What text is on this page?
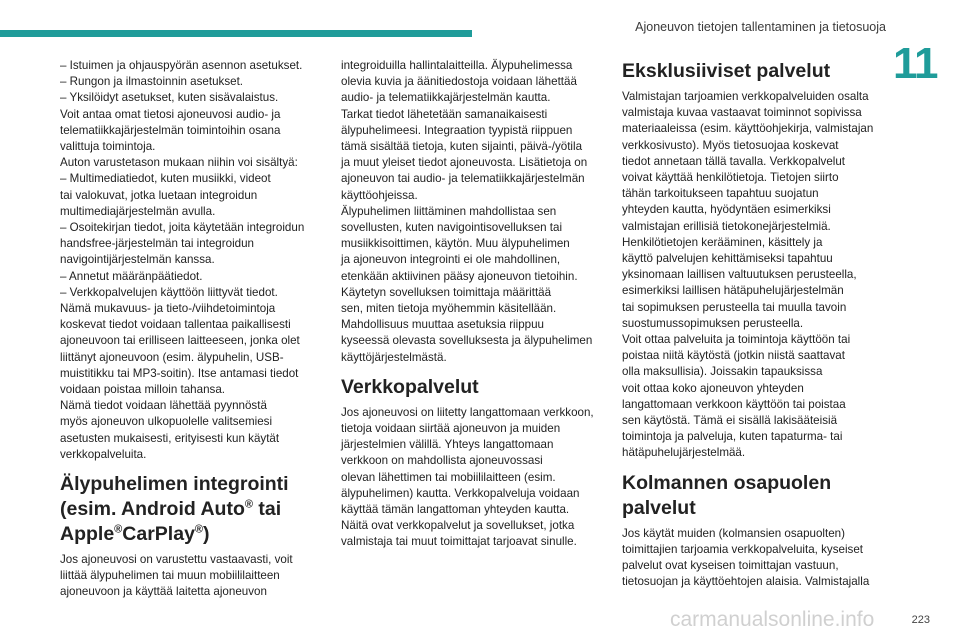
Ajoneuvon tietojen tallentaminen ja tietosuoja
11

– Istuimen ja ohjauspyörän asennon asetukset.

– Rungon ja ilmastoinnin asetukset.

– Yksilöidyt asetukset, kuten sisävalaistus.

Voit antaa omat tietosi ajoneuvosi audio- ja

telematiikkajärjestelmän toimintoihin osana

valittuja toimintoja.

Auton varustetason mukaan niihin voi sisältyä:

– Multimediatiedot, kuten musiikki, videot

tai valokuvat, jotka luetaan integroidun

multimediajärjestelmän avulla.

– Osoitekirjan tiedot, joita käytetään integroidun

handsfree-järjestelmän tai integroidun

navigointijärjestelmän kanssa.

– Annetut määränpäätiedot.

– Verkkopalvelujen käyttöön liittyvät tiedot.

Nämä mukavuus- ja tieto-/viihdetoimintoja

koskevat tiedot voidaan tallentaa paikallisesti

ajoneuvoon tai erilliseen laitteeseen, jonka olet

liittänyt ajoneuvoon (esim. älypuhelin, USB-

muistitikku tai MP3-soitin). Itse antamasi tiedot

voidaan poistaa milloin tahansa.

Nämä tiedot voidaan lähettää pyynnöstä

myös ajoneuvon ulkopuolelle valitsemiesi

asetusten mukaisesti, erityisesti kun käytät

verkkopalveluita.

Älypuhelimen integrointi
(esim. Android Auto® tai
Apple®CarPlay®)

Jos ajoneuvosi on varustettu vastaavasti, voit

liittää älypuhelimen tai muun mobiililaitteen

ajoneuvoon ja käyttää laitetta ajoneuvon

integroiduilla hallintalaitteilla. Älypuhelimessa

olevia kuvia ja äänitiedostoja voidaan lähettää

audio- ja telematiikkajärjestelmän kautta.

Tarkat tiedot lähetetään samanaikaisesti

älypuhelimeesi. Integraation tyypistä riippuen

tämä sisältää tietoja, kuten sijainti, päivä-/yötila

ja muut yleiset tiedot ajoneuvosta. Lisätietoja on

ajoneuvon tai audio- ja telematiikkajärjestelmän

käyttöohjeissa.

Älypuhelimen liittäminen mahdollistaa sen

sovellusten, kuten navigointisovelluksen tai

musiikkisoittimen, käytön. Muu älypuhelimen

ja ajoneuvon integrointi ei ole mahdollinen,

etenkään aktiivinen pääsy ajoneuvon tietoihin.

Käytetyn sovelluksen toimittaja määrittää

sen, miten tietoja myöhemmin käsitellään.

Mahdollisuus muuttaa asetuksia riippuu

kyseessä olevasta sovelluksesta ja älypuhelimen

käyttöjärjestelmästä.

Verkkopalvelut

Jos ajoneuvosi on liitetty langattomaan verkkoon,

tietoja voidaan siirtää ajoneuvon ja muiden

järjestelmien välillä. Yhteys langattomaan

verkkoon on mahdollista ajoneuvossasi

olevan lähettimen tai mobiililaitteen (esim.

älypuhelimen) kautta. Verkkopalveluja voidaan

käyttää tämän langattoman yhteyden kautta.

Näitä ovat verkkopalvelut ja sovellukset, jotka

valmistaja tai muut toimittajat tarjoavat sinulle.

Eksklusiiviset palvelut

Valmistajan tarjoamien verkkopalveluiden osalta

valmistaja kuvaa vastaavat toiminnot sopivissa

materiaaleissa (esim. käyttöohjekirja, valmistajan

verkkosivusto). Myös tietosuojaa koskevat

tiedot annetaan tällä tavalla. Verkkopalvelut

voivat käyttää henkilötietoja. Tietojen siirto

tähän tarkoitukseen tapahtuu suojatun

yhteyden kautta, hyödyntäen esimerkiksi

valmistajan erillisiä tietokonejärjestelmiä.

Henkilötietojen kerääminen, käsittely ja

käyttö palvelujen kehittämiseksi tapahtuu

yksinomaan laillisen valtuutuksen perusteella,

esimerkiksi laillisen hätäpuhelujärjestelmän

tai sopimuksen perusteella tai muulla tavoin

suostumussopimuksen perusteella.

Voit ottaa palveluita ja toimintoja käyttöön tai

poistaa niitä käytöstä (jotkin niistä saattavat

olla maksullisia). Joissakin tapauksissa

voit ottaa koko ajoneuvon yhteyden

langattomaan verkkoon käyttöön tai poistaa

sen käytöstä. Tämä ei sisällä lakisääteisiä

toimintoja ja palveluja, kuten tapaturma- tai

hätäpuhelujärjestelmää.

Kolmannen osapuolen
palvelut

Jos käytät muiden (kolmansien osapuolten)

toimittajien tarjoamia verkkopalveluita, kyseiset

palvelut ovat kyseisen toimittajan vastuun,

tietosuojan ja käyttöehtojen alaisia. Valmistajalla

carmanualsonline.info	223
